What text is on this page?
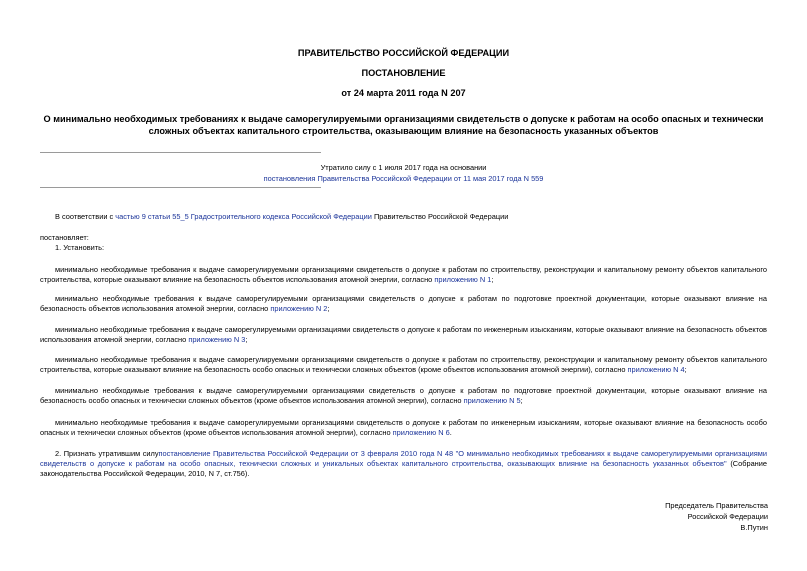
ПРАВИТЕЛЬСТВО РОССИЙСКОЙ ФЕДЕРАЦИИ
ПОСТАНОВЛЕНИЕ
от 24 марта 2011 года N 207
О минимально необходимых требованиях к выдаче саморегулируемыми организациями свидетельств о допуске к работам на особо опасных и технически сложных объектах капитального строительства, оказывающим влияние на безопасность указанных объектов
Утратило силу с 1 июля 2017 года на основании
постановления Правительства Российской Федерации от 11 мая 2017 года N 559
В соответствии с частью 9 статьи 55_5 Градостроительного кодекса Российской Федерации Правительство Российской Федерации
постановляет:
1. Установить:
минимально необходимые требования к выдаче саморегулируемыми организациями свидетельств о допуске к работам по строительству, реконструкции и капитальному ремонту объектов капитального строительства, которые оказывают влияние на безопасность объектов использования атомной энергии, согласно приложению N 1;
минимально необходимые требования к выдаче саморегулируемыми организациями свидетельств о допуске к работам по подготовке проектной документации, которые оказывают влияние на безопасность объектов использования атомной энергии, согласно приложению N 2;
минимально необходимые требования к выдаче саморегулируемыми организациями свидетельств о допуске к работам по инженерным изысканиям, которые оказывают влияние на безопасность объектов использования атомной энергии, согласно приложению N 3;
минимально необходимые требования к выдаче саморегулируемыми организациями свидетельств о допуске к работам по строительству, реконструкции и капитальному ремонту объектов капитального строительства, которые оказывают влияние на безопасность особо опасных и технически сложных объектов (кроме объектов использования атомной энергии), согласно приложению N 4;
минимально необходимые требования к выдаче саморегулируемыми организациями свидетельств о допуске к работам по подготовке проектной документации, которые оказывают влияние на безопасность особо опасных и технически сложных объектов (кроме объектов использования атомной энергии), согласно приложению N 5;
минимально необходимые требования к выдаче саморегулируемыми организациями свидетельств о допуске к работам по инженерным изысканиям, которые оказывают влияние на безопасность особо опасных и технически сложных объектов (кроме объектов использования атомной энергии), согласно приложению N 6.
2. Признать утратившим силупостановление Правительства Российской Федерации от 3 февраля 2010 года N 48 "О минимально необходимых требованиях к выдаче саморегулируемыми организациями свидетельств о допуске к работам на особо опасных, технически сложных и уникальных объектах капитального строительства, оказывающих влияние на безопасность указанных объектов" (Собрание законодательства Российской Федерации, 2010, N 7, ст.756).
Председатель Правительства
Российской Федерации
В.Путин
